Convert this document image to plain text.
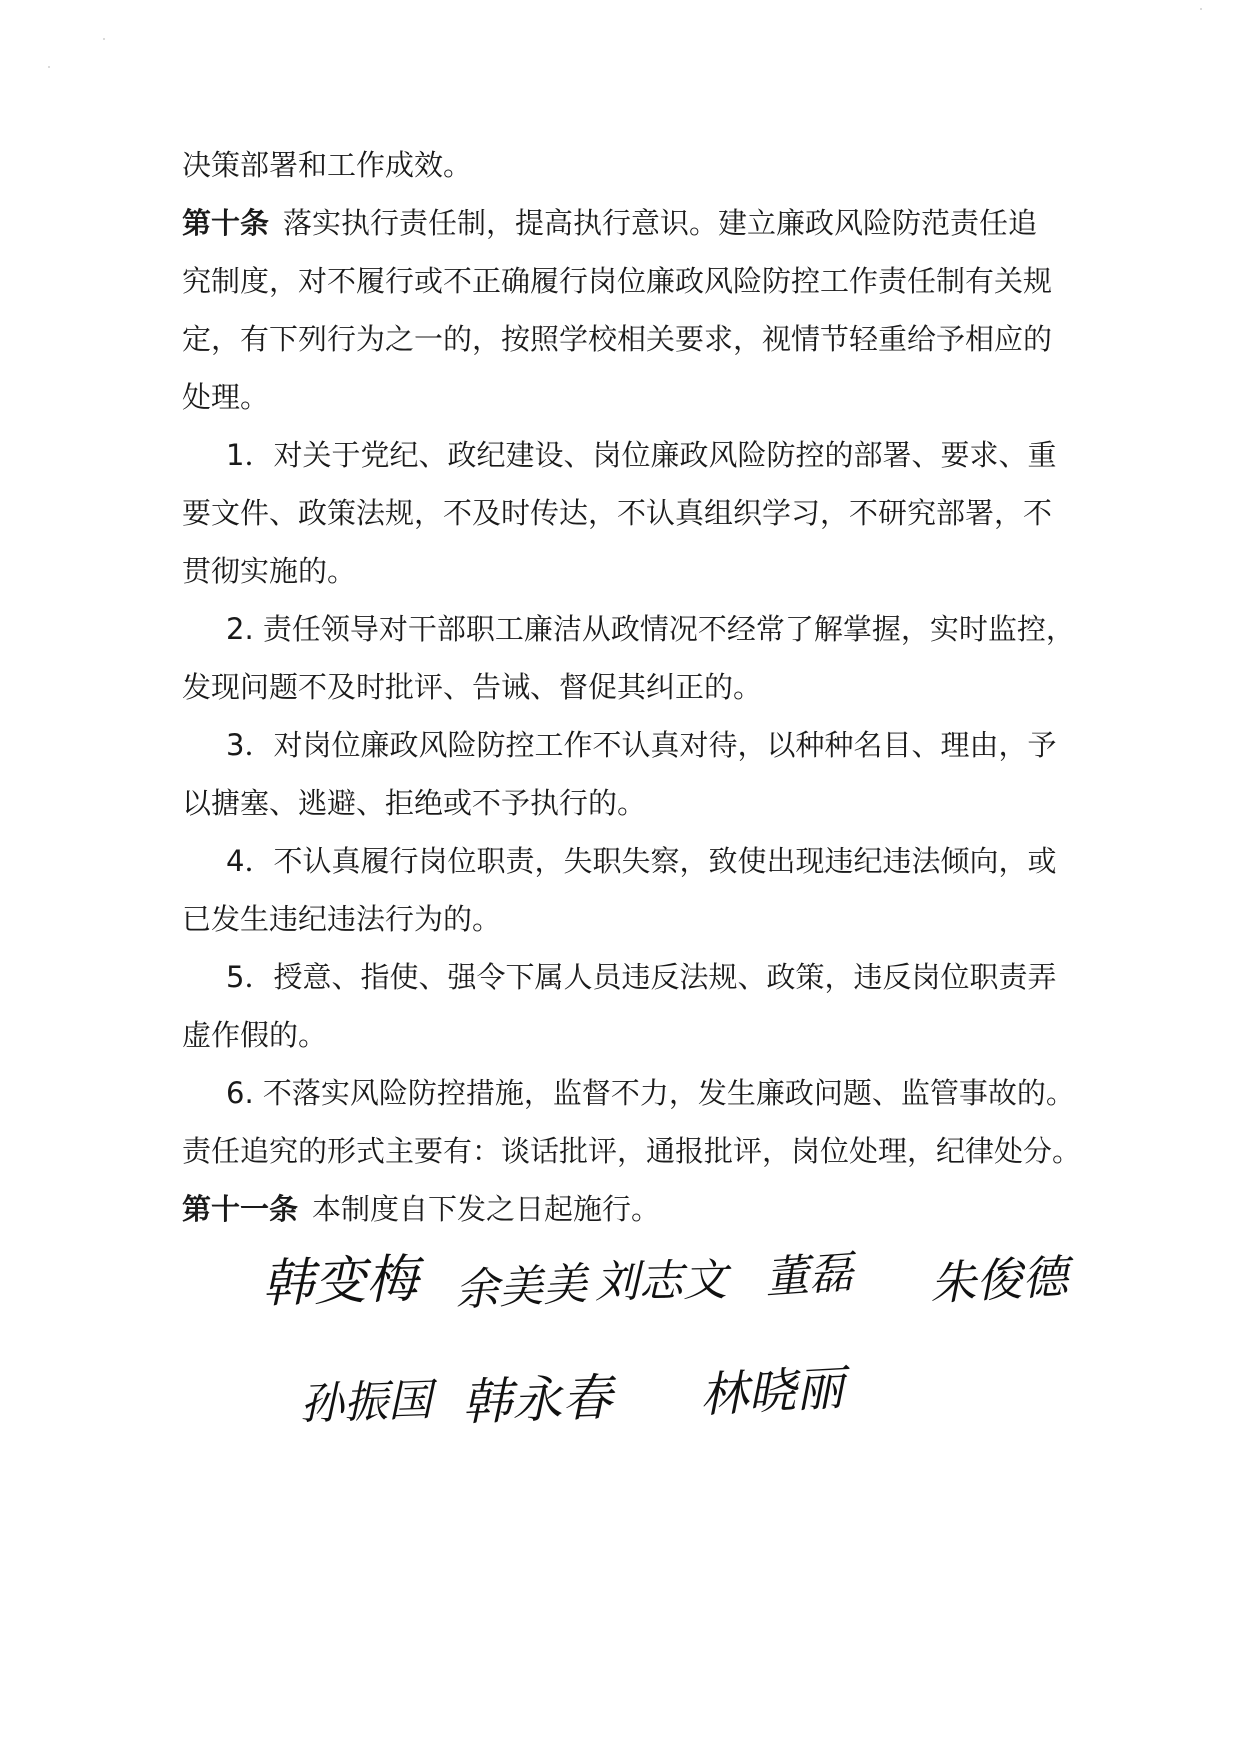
决策部署和工作成效。
第十条 落实执行责任制，提高执行意识。建立廉政风险防范责任追
究制度，对不履行或不正确履行岗位廉政风险防控工作责任制有关规
定，有下列行为之一的，按照学校相关要求，视情节轻重给予相应的
处理。
1．对关于党纪、政纪建设、岗位廉政风险防控的部署、要求、重
要文件、政策法规，不及时传达，不认真组织学习，不研究部署，不
贯彻实施的。
2. 责任领导对干部职工廉洁从政情况不经常了解掌握，实时监控，
发现问题不及时批评、告诫、督促其纠正的。
3．对岗位廉政风险防控工作不认真对待，以种种名目、理由，予
以搪塞、逃避、拒绝或不予执行的。
4．不认真履行岗位职责，失职失察，致使出现违纪违法倾向，或
已发生违纪违法行为的。
5．授意、指使、强令下属人员违反法规、政策，违反岗位职责弄
虚作假的。
6. 不落实风险防控措施，监督不力，发生廉政问题、监管事故的。
责任追究的形式主要有：谈话批评，通报批评，岗位处理，纪律处分。
第十一条 本制度自下发之日起施行。
韩变梅 余美美 刘志文 董磊 朱俊德
孙振国 韩永春 林晓丽
